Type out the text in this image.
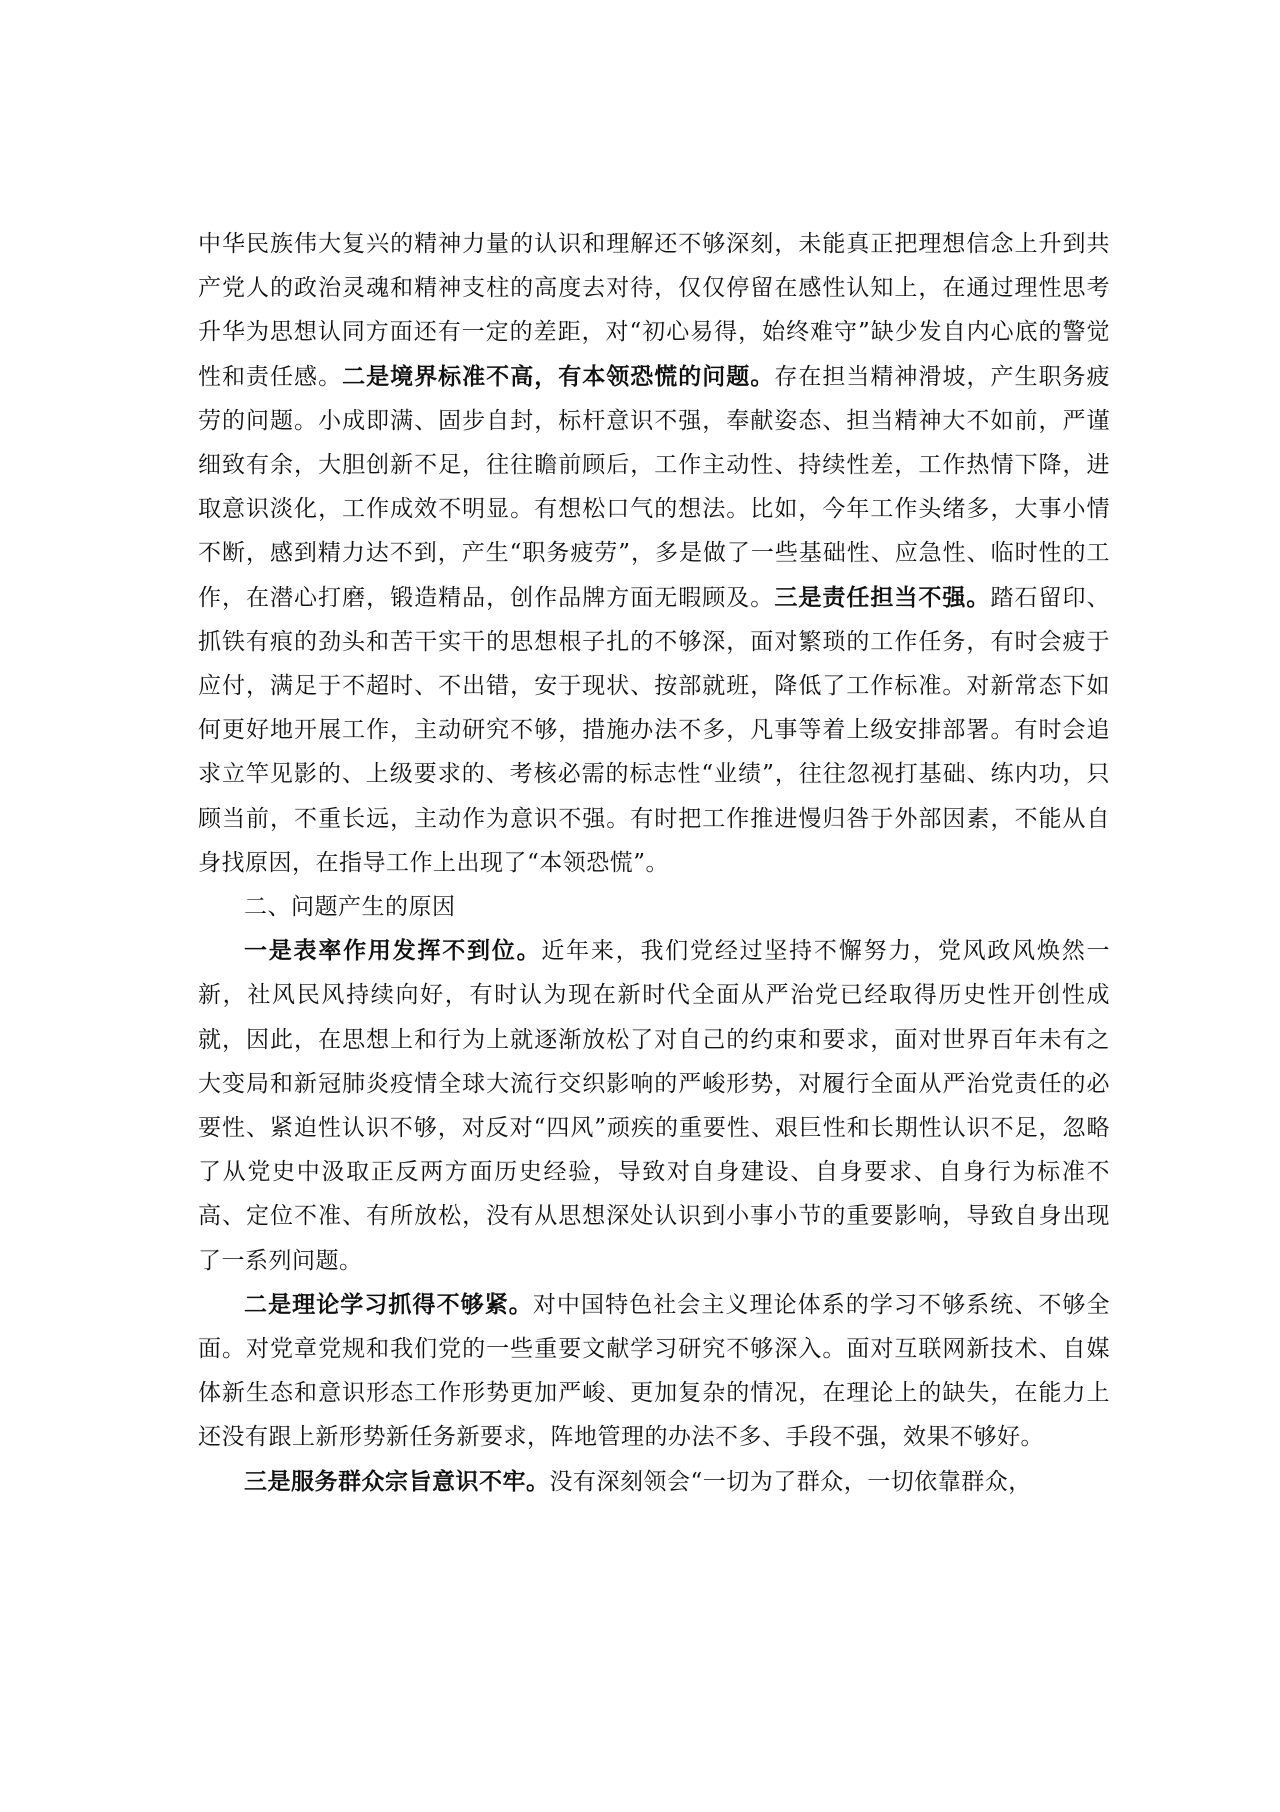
中华民族伟大复兴的精神力量的认识和理解还不够深刻，未能真正把理想信念上升到共产党人的政治灵魂和精神支柱的高度去对待，仅仅停留在感性认知上，在通过理性思考升华为思想认同方面还有一定的差距，对“初心易得，始终难守”缺少发自内心底的警觉性和责任感。二是境界标准不高，有本领恐慌的问题。存在担当精神滑坡，产生职务疲劳的问题。小成即满、固步自封，标杆意识不强，奉献姿态、担当精神大不如前，严谨细致有余，大胆创新不足，往往瞻前顾后，工作主动性、持续性差，工作热情下降，进取意识淡化，工作成效不明显。有想松口气的想法。比如，今年工作头绪多，大事小情不断，感到精力达不到，产生“职务疲劳”，多是做了一些基础性、应急性、临时性的工作，在潜心打磨，锻造精品，创作品牌方面无暇顾及。三是责任担当不强。踏石留印、抓铁有痕的劲头和苦干实干的思想根子扎的不够深，面对繁琐的工作任务，有时会疲于应付，满足于不超时、不出错，安于现状、按部就班，降低了工作标准。对新常态下如何更好地开展工作，主动研究不够，措施办法不多，凡事等着上级安排部署。有时会追求立竿见影的、上级要求的、考核必需的标志性“业绩”，往往忽视打基础、练内功，只顾当前，不重长远，主动作为意识不强。有时把工作推进慢归咎于外部因素，不能从自身找原因，在指导工作上出现了“本领恐慌”。

二、问题产生的原因

一是表率作用发挥不到位。近年来，我们党经过坚持不懈努力，党风政风焕然一新，社风民风持续向好，有时认为现在新时代全面从严治党已经取得历史性开创性成就，因此，在思想上和行为上就逐渐放松了对自己的约束和要求，面对世界百年未有之大变局和新冠肺炎疫情全球大流行交织影响的严峻形势，对履行全面从严治党责任的必要性、紧迫性认识不够，对反对“四风”顽疾的重要性、艰巨性和长期性认识不足，忽略了从党史中汲取正反两方面历史经验，导致对自身建设、自身要求、自身行为标准不高、定位不准、有所放松，没有从思想深处认识到小事小节的重要影响，导致自身出现了一系列问题。

二是理论学习抓得不够紧。对中国特色社会主义理论体系的学习不够系统、不够全面。对党章党规和我们党的一些重要文献学习研究不够深入。面对互联网新技术、自媒体新生态和意识形态工作形势更加严峻、更加复杂的情况，在理论上的缺失，在能力上还没有跟上新形势新任务新要求，阵地管理的办法不多、手段不强，效果不够好。

三是服务群众宗旨意识不牢。没有深刻领会“一切为了群众，一切依靠群众，
